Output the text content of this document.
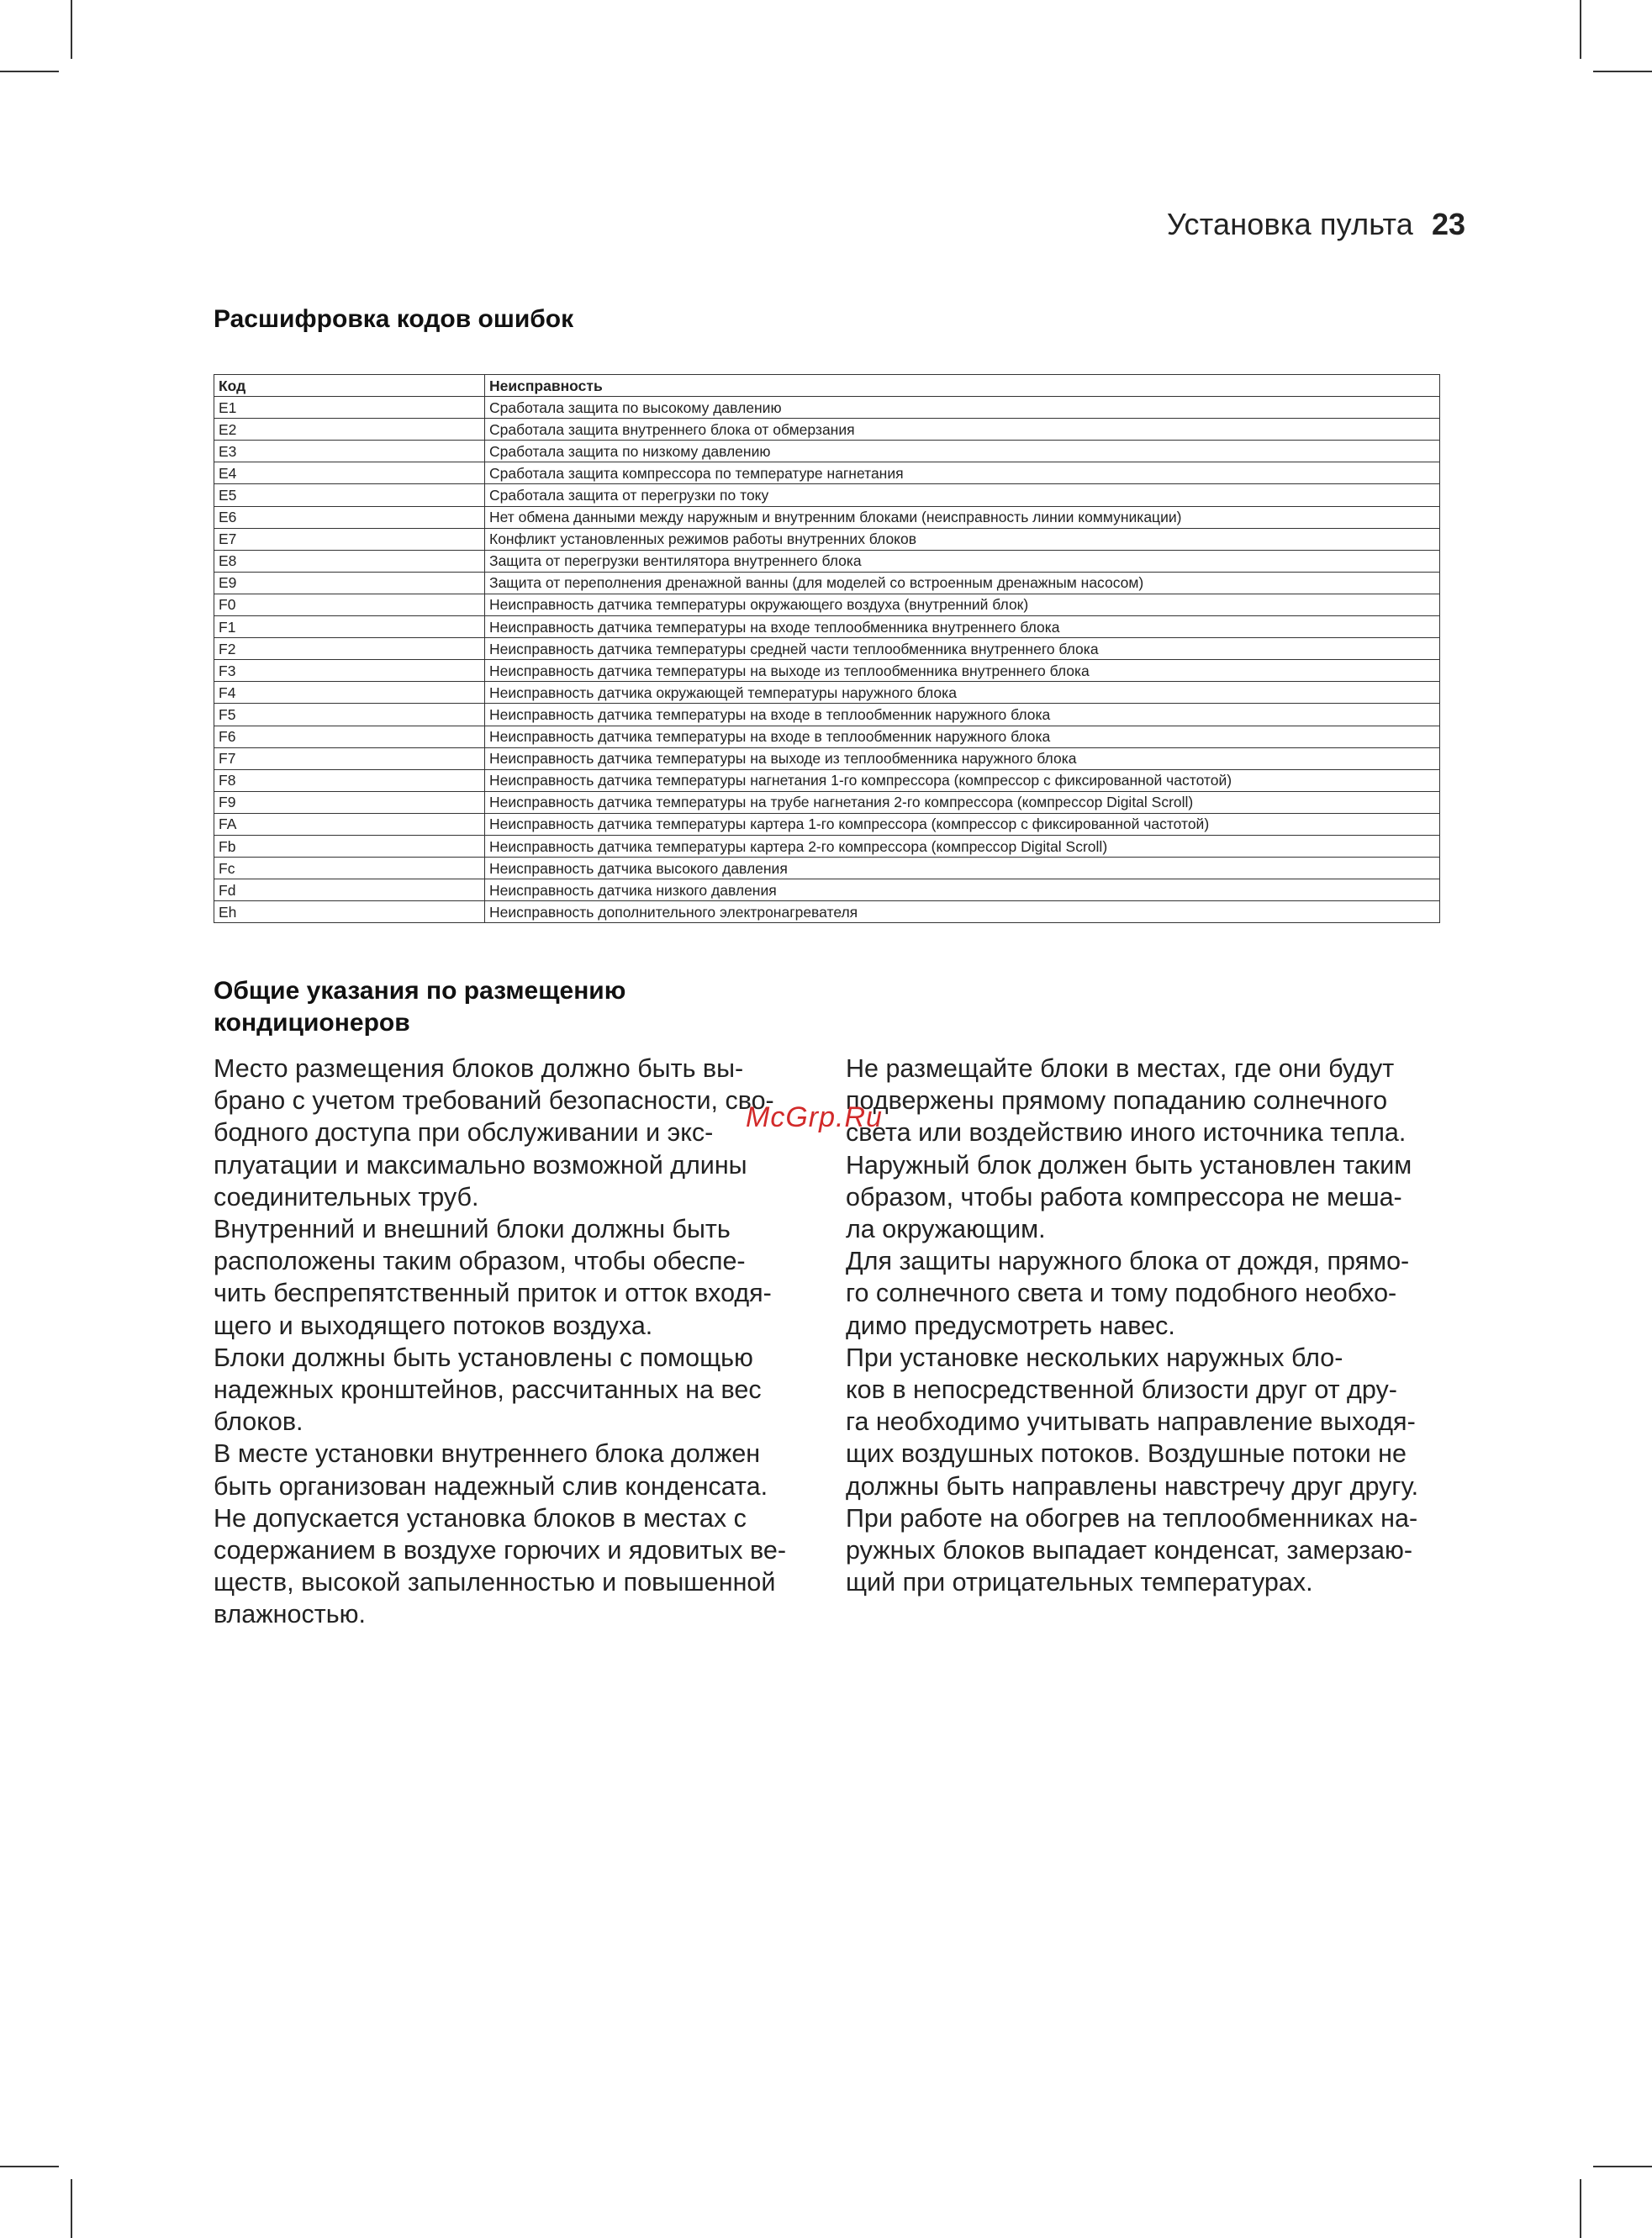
Установка пульта 23
Расшифровка кодов ошибок
Код	Неисправность
E1	Сработала защита по высокому давлению
E2	Сработала защита внутреннего блока от обмерзания
E3	Сработала защита по низкому давлению
E4	Сработала защита компрессора по температуре нагнетания
E5	Сработала защита от перегрузки по току
E6	Нет обмена данными между наружным и внутренним блоками (неисправность линии коммуникации)
E7	Конфликт установленных режимов работы внутренних блоков
E8	Защита от перегрузки вентилятора внутреннего блока
E9	Защита от переполнения дренажной ванны (для моделей со встроенным дренажным насосом)
F0	Неисправность датчика температуры окружающего воздуха (внутренний блок)
F1	Неисправность датчика температуры на входе теплообменника внутреннего блока
F2	Неисправность датчика температуры средней части теплообменника внутреннего блока
F3	Неисправность датчика температуры на выходе из теплообменника внутреннего блока
F4	Неисправность датчика окружающей температуры наружного блока
F5	Неисправность датчика температуры на входе в теплообменник наружного блока
F6	Неисправность датчика температуры на входе в теплообменник наружного блока
F7	Неисправность датчика температуры на выходе из теплообменника наружного блока
F8	Неисправность датчика температуры нагнетания 1-го компрессора (компрессор с фиксированной частотой)
F9	Неисправность датчика температуры на трубе нагнетания 2-го компрессора (компрессор Digital Scroll)
FA	Неисправность датчика температуры картера 1-го компрессора (компрессор с фиксированной частотой)
Fb	Неисправность датчика температуры картера 2-го компрессора (компрессор Digital Scroll)
Fc	Неисправность датчика высокого давления
Fd	Неисправность датчика низкого давления
Eh	Неисправность дополнительного электронагревателя
Общие указания по размещению
кондиционеров

Место размещения блоков должно быть вы-

брано с учетом требований безопасности, сво-

бодного доступа при обслуживании и экс-

плуатации и максимально возможной длины

соединительных труб.

Внутренний и внешний блоки должны быть

расположены таким образом, чтобы обеспе-

чить беспрепятственный приток и отток входя-

щего и выходящего потоков воздуха.

Блоки должны быть установлены с помощью

надежных кронштейнов, рассчитанных на вес

блоков.

В месте установки внутреннего блока должен

быть организован надежный слив конденсата.

Не допускается установка блоков в местах с

содержанием в воздухе горючих и ядовитых ве-

ществ, высокой запыленностью и повышенной

влажностью.

Не размещайте блоки в местах, где они будут

подвержены прямому попаданию солнечного

света или воздействию иного источника тепла.

Наружный блок должен быть установлен таким

образом, чтобы работа компрессора не меша-

ла окружающим.

Для защиты наружного блока от дождя, прямо-

го солнечного света и тому подобного необхо-

димо предусмотреть навес.

При установке нескольких наружных бло-

ков в непосредственной близости друг от дру-

га необходимо учитывать направление выходя-

щих воздушных потоков. Воздушные потоки не

должны быть направлены навстречу друг другу.

При работе на обогрев на теплообменниках на-

ружных блоков выпадает конденсат, замерзаю-

щий при отрицательных температурах.

McGrp.Ru
